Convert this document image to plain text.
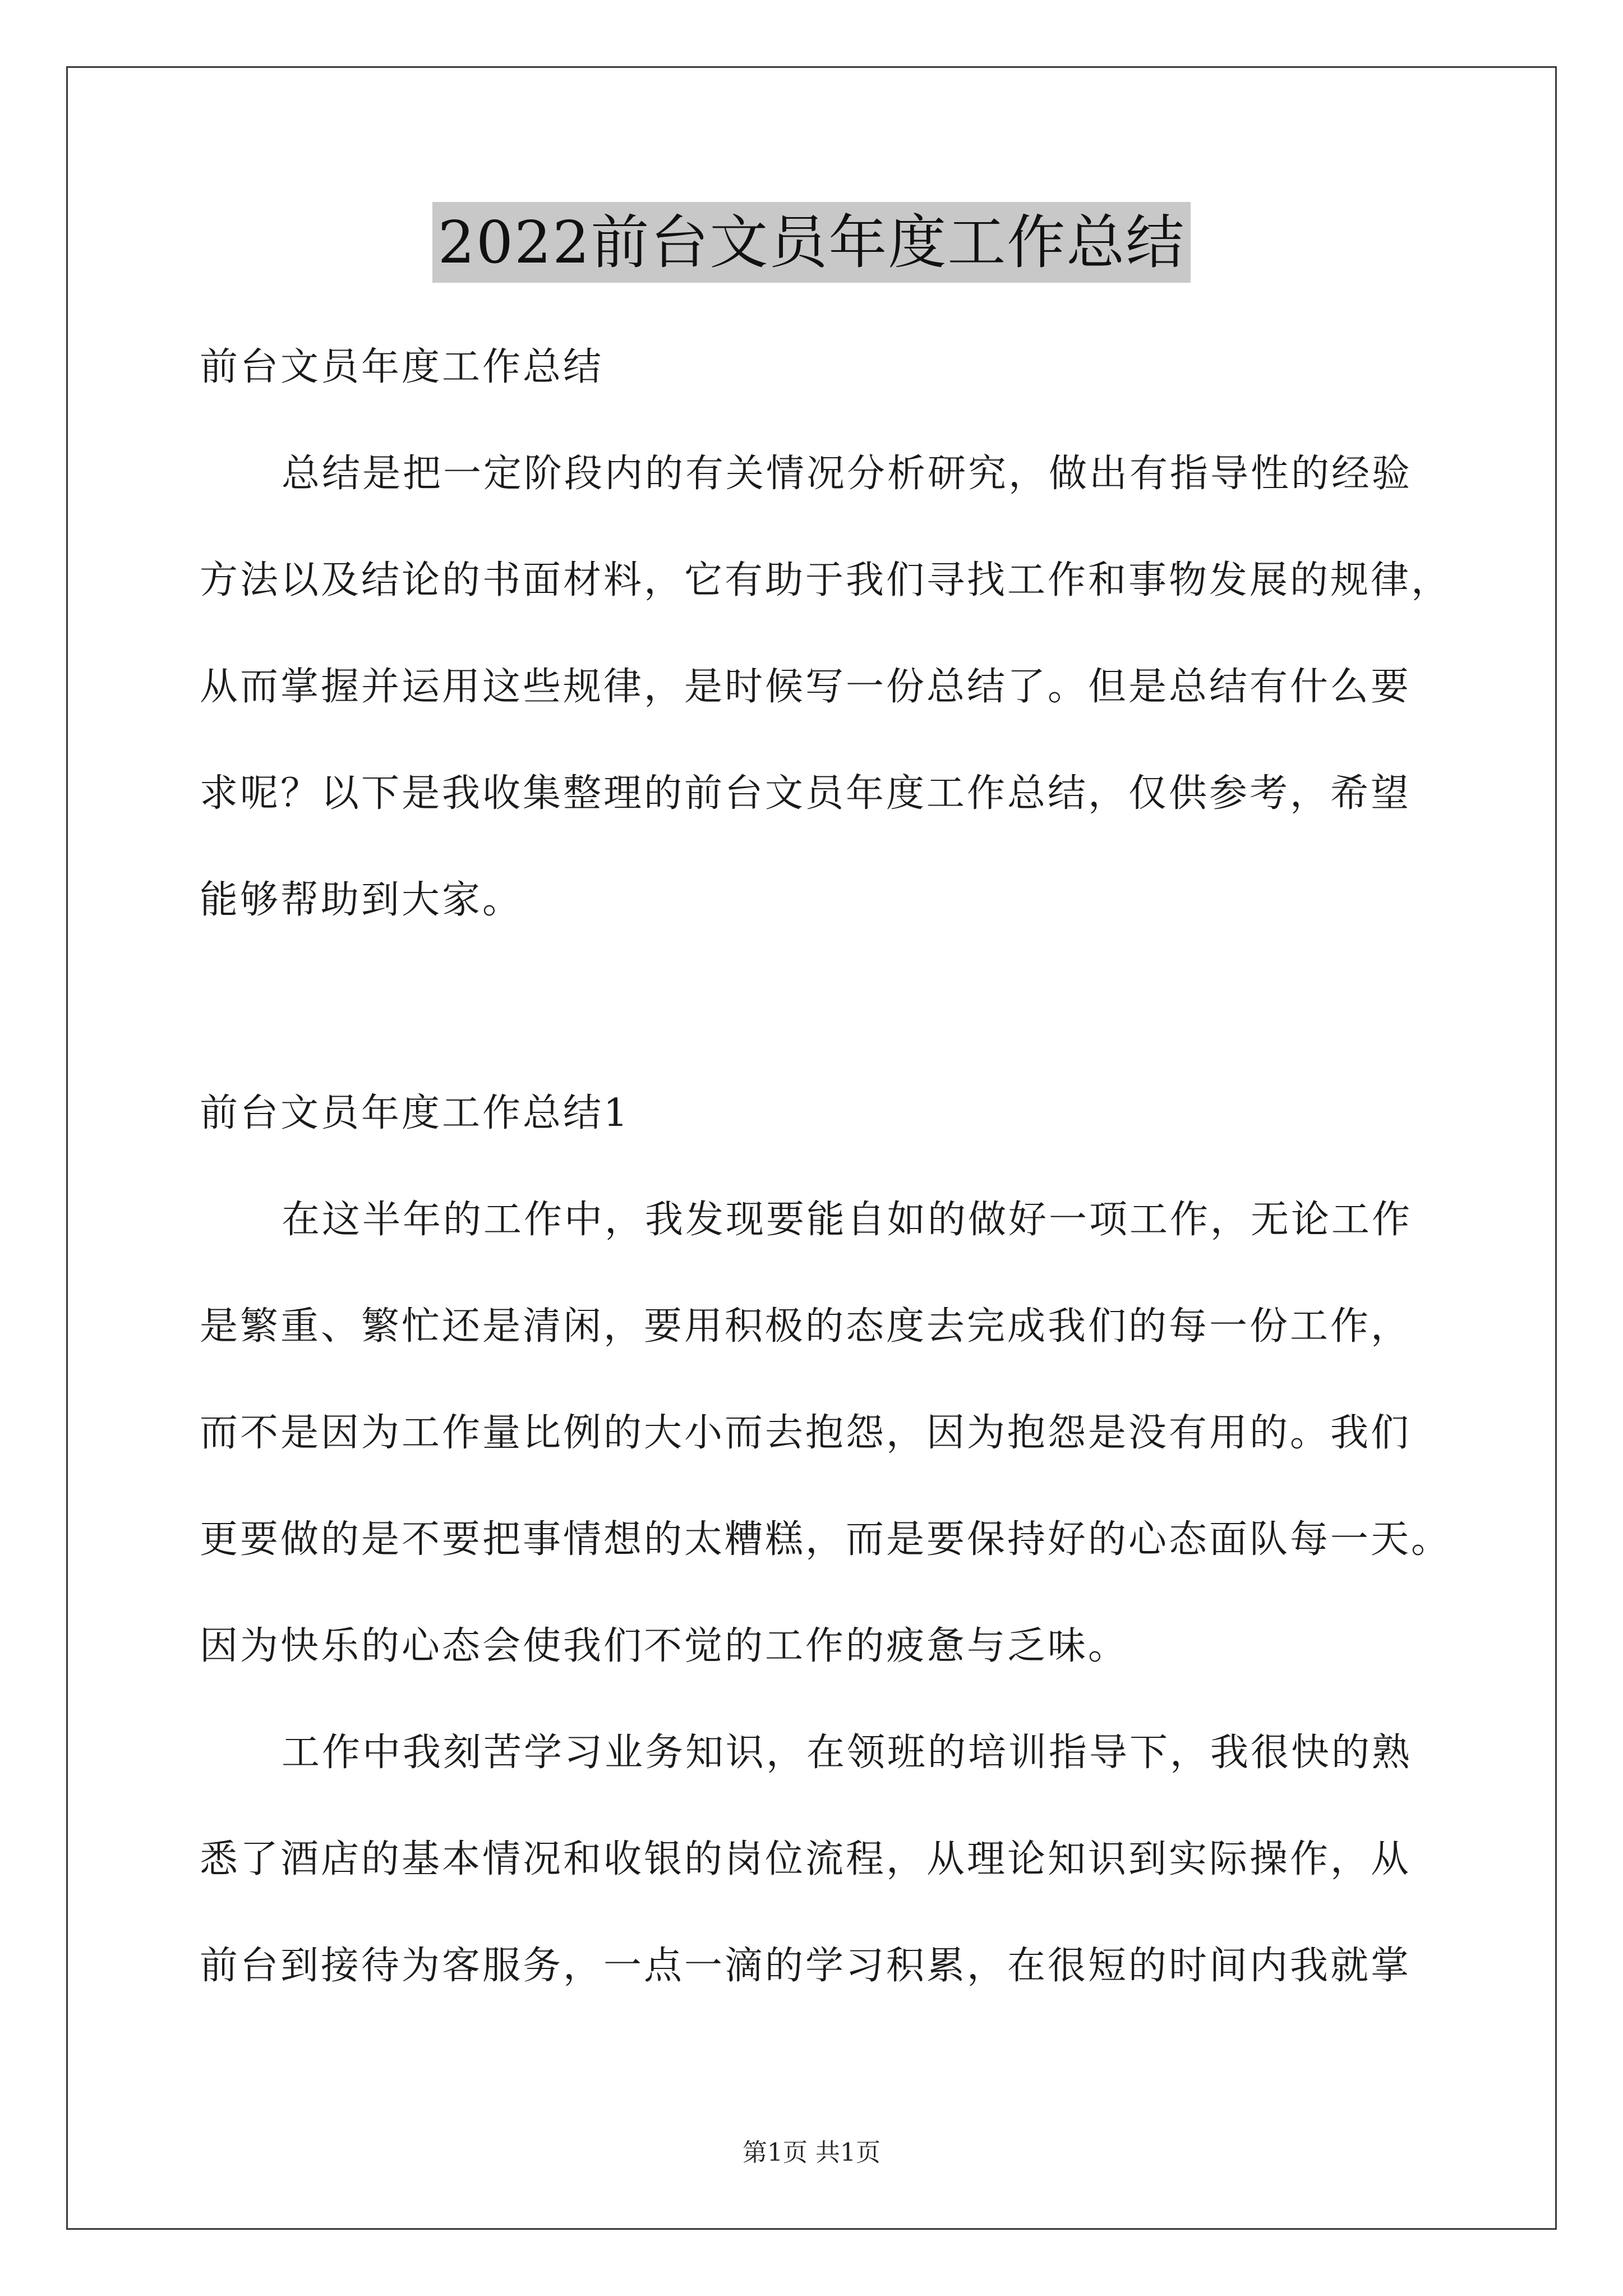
2022前台文员年度工作总结
前台文员年度工作总结
总结是把一定阶段内的有关情况分析研究，做出有指导性的经验
方法以及结论的书面材料，它有助于我们寻找工作和事物发展的规律，
从而掌握并运用这些规律，是时候写一份总结了。但是总结有什么要
求呢？以下是我收集整理的前台文员年度工作总结，仅供参考，希望
能够帮助到大家。
前台文员年度工作总结1
在这半年的工作中，我发现要能自如的做好一项工作，无论工作
是繁重、繁忙还是清闲，要用积极的态度去完成我们的每一份工作，
而不是因为工作量比例的大小而去抱怨，因为抱怨是没有用的。我们
更要做的是不要把事情想的太糟糕，而是要保持好的心态面队每一天。
因为快乐的心态会使我们不觉的工作的疲惫与乏味。
工作中我刻苦学习业务知识，在领班的培训指导下，我很快的熟
悉了酒店的基本情况和收银的岗位流程，从理论知识到实际操作，从
前台到接待为客服务，一点一滴的学习积累，在很短的时间内我就掌
第1页 共1页
